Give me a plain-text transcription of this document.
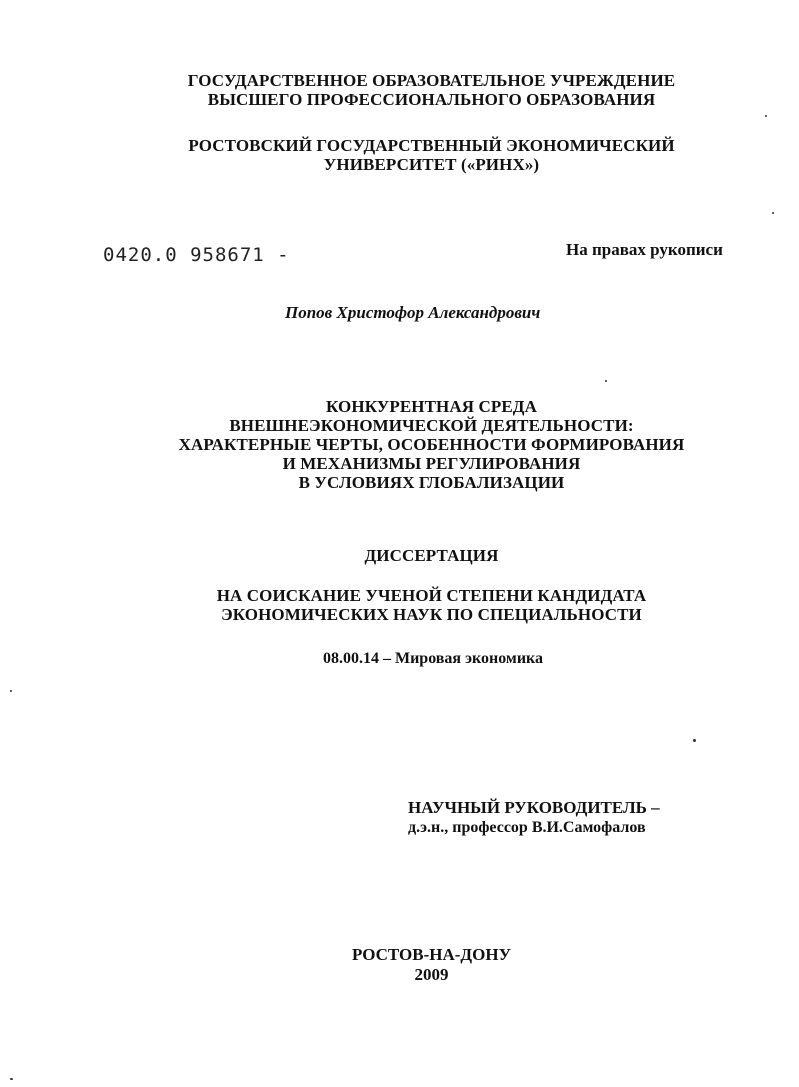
ГОСУДАРСТВЕННОЕ ОБРАЗОВАТЕЛЬНОЕ УЧРЕЖДЕНИЕ
ВЫСШЕГО ПРОФЕССИОНАЛЬНОГО ОБРАЗОВАНИЯ
РОСТОВСКИЙ ГОСУДАРСТВЕННЫЙ ЭКОНОМИЧЕСКИЙ
УНИВЕРСИТЕТ («РИНХ»)
0420.0 958671 -	На правах рукописи
Попов Христофор Александрович
КОНКУРЕНТНАЯ СРЕДА
ВНЕШНЕЭКОНОМИЧЕСКОЙ ДЕЯТЕЛЬНОСТИ:
ХАРАКТЕРНЫЕ ЧЕРТЫ, ОСОБЕННОСТИ ФОРМИРОВАНИЯ
И МЕХАНИЗМЫ РЕГУЛИРОВАНИЯ
В УСЛОВИЯХ ГЛОБАЛИЗАЦИИ
ДИССЕРТАЦИЯ
НА СОИСКАНИЕ УЧЕНОЙ СТЕПЕНИ КАНДИДАТА
ЭКОНОМИЧЕСКИХ НАУК ПО СПЕЦИАЛЬНОСТИ
08.00.14 – Мировая экономика
НАУЧНЫЙ РУКОВОДИТЕЛЬ –
д.э.н., профессор В.И.Самофалов
РОСТОВ-НА-ДОНУ
2009
